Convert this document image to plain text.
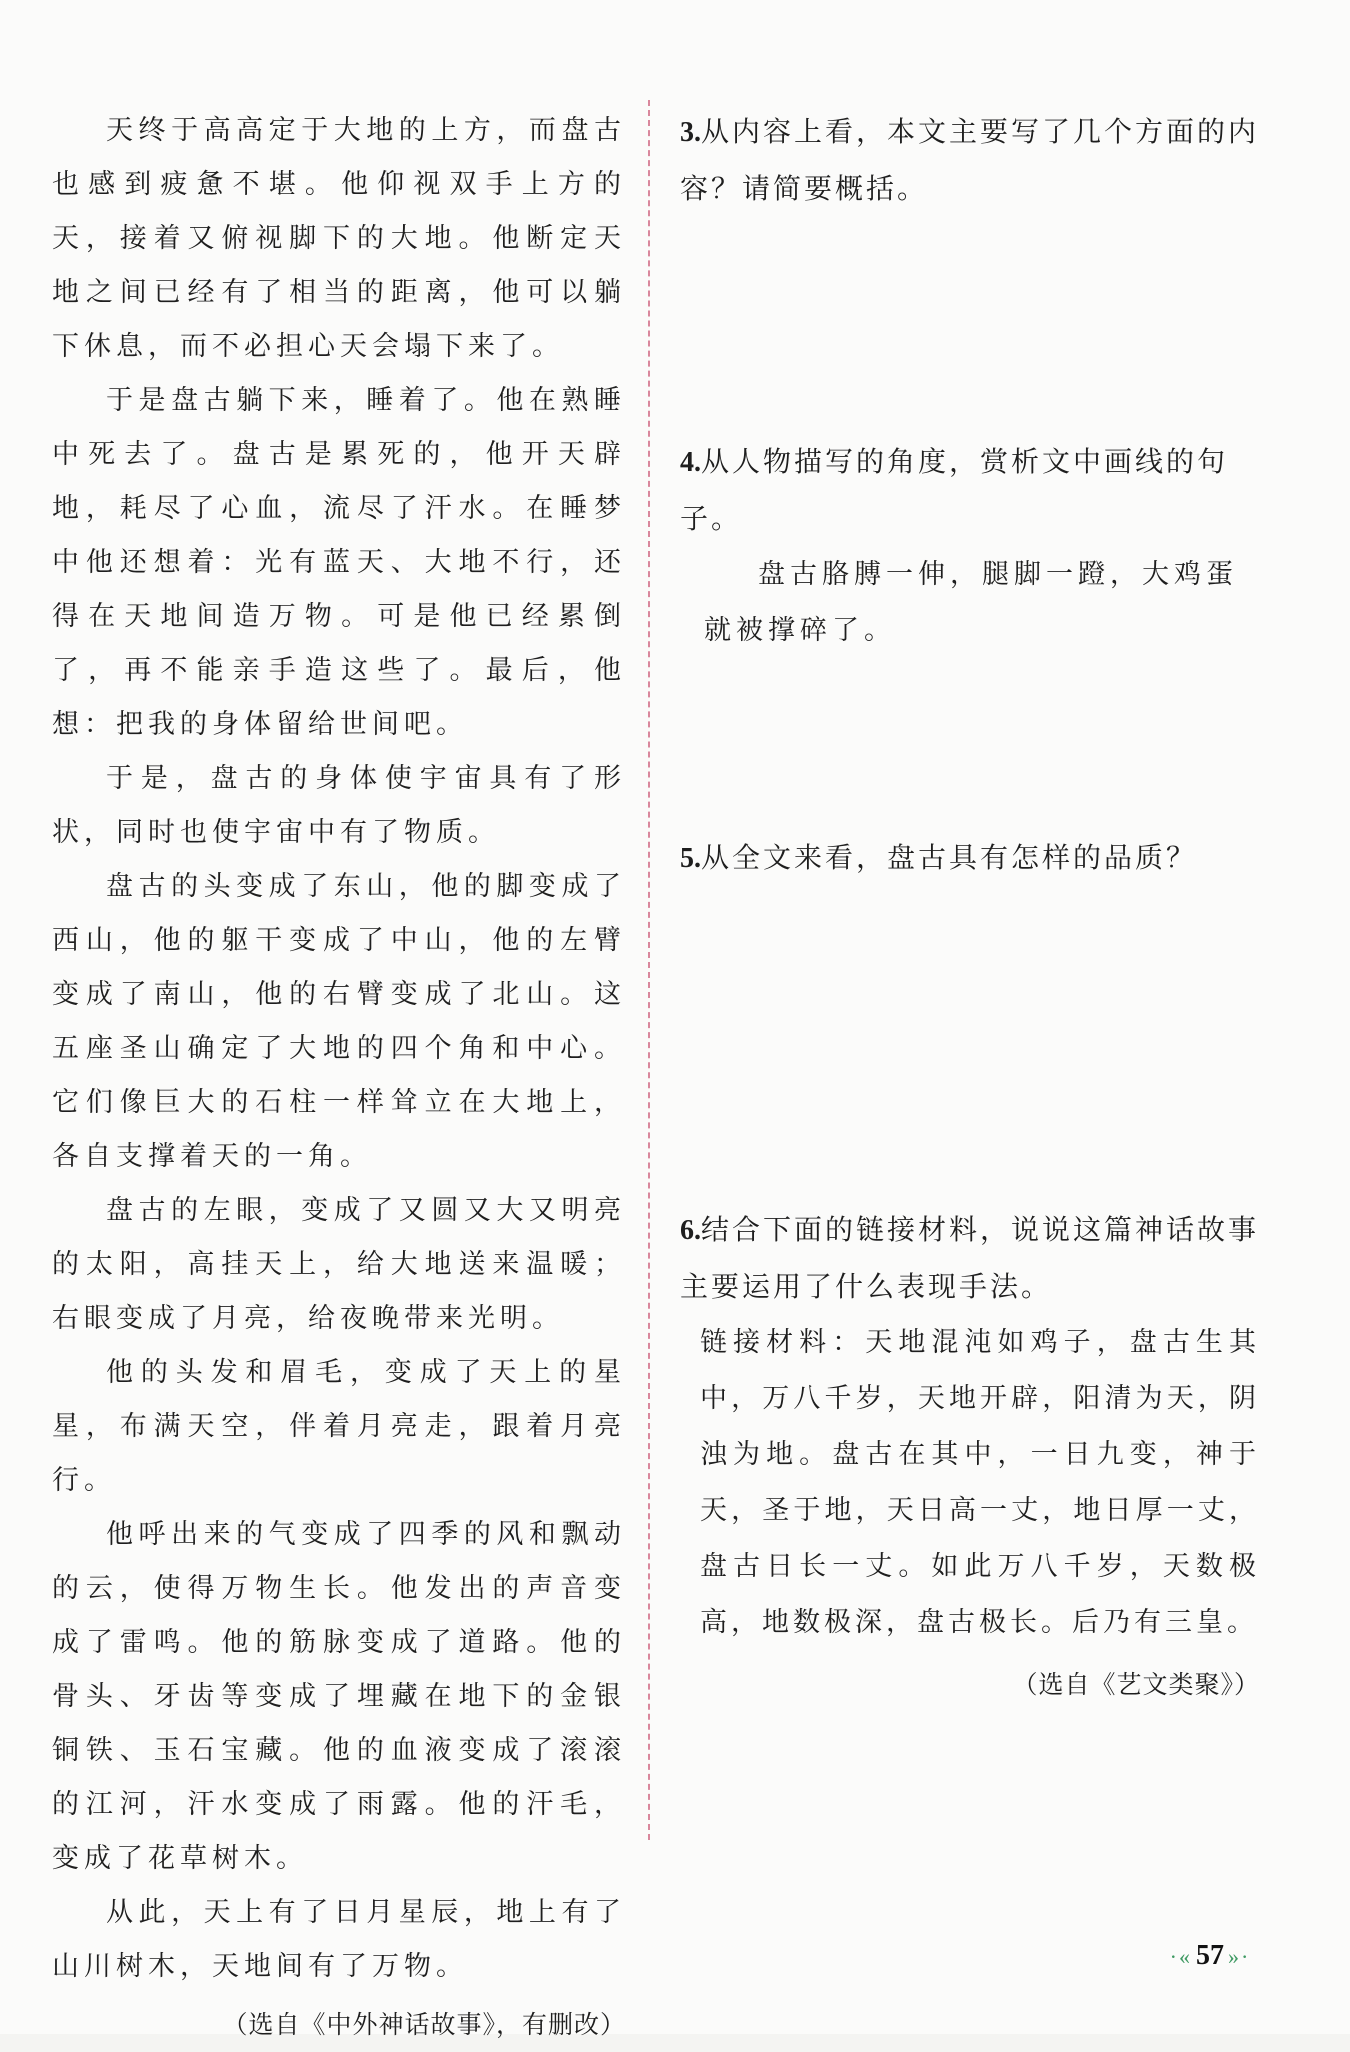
天终于高高定于大地的上方，而盘古也感到疲惫不堪。他仰视双手上方的天，接着又俯视脚下的大地。他断定天地之间已经有了相当的距离，他可以躺下休息，而不必担心天会塌下来了。

于是盘古躺下来，睡着了。他在熟睡中死去了。盘古是累死的，他开天辟地，耗尽了心血，流尽了汗水。在睡梦中他还想着：光有蓝天、大地不行，还得在天地间造万物。可是他已经累倒了，再不能亲手造这些了。最后，他想：把我的身体留给世间吧。

于是，盘古的身体使宇宙具有了形状，同时也使宇宙中有了物质。

盘古的头变成了东山，他的脚变成了西山，他的躯干变成了中山，他的左臂变成了南山，他的右臂变成了北山。这五座圣山确定了大地的四个角和中心。它们像巨大的石柱一样耸立在大地上，各自支撑着天的一角。

盘古的左眼，变成了又圆又大又明亮的太阳，高挂天上，给大地送来温暖；右眼变成了月亮，给夜晚带来光明。

他的头发和眉毛，变成了天上的星星，布满天空，伴着月亮走，跟着月亮行。

他呼出来的气变成了四季的风和飘动的云，使得万物生长。他发出的声音变成了雷鸣。他的筋脉变成了道路。他的骨头、牙齿等变成了埋藏在地下的金银铜铁、玉石宝藏。他的血液变成了滚滚的江河，汗水变成了雨露。他的汗毛，变成了花草树木。

从此，天上有了日月星辰，地上有了山川树木，天地间有了万物。

（选自《中外神话故事》，有删改）

3.从内容上看，本文主要写了几个方面的内容？请简要概括。

4.从人物描写的角度，赏析文中画线的句子。

盘古胳膊一伸，腿脚一蹬，大鸡蛋就被撑碎了。

5.从全文来看，盘古具有怎样的品质？

6.结合下面的链接材料，说说这篇神话故事主要运用了什么表现手法。

链接材料：天地混沌如鸡子，盘古生其中，万八千岁，天地开辟，阳清为天，阴浊为地。盘古在其中，一日九变，神于天，圣于地，天日高一丈，地日厚一丈，盘古日长一丈。如此万八千岁，天数极高，地数极深，盘古极长。后乃有三皇。

（选自《艺文类聚》）

·« 57 »·
